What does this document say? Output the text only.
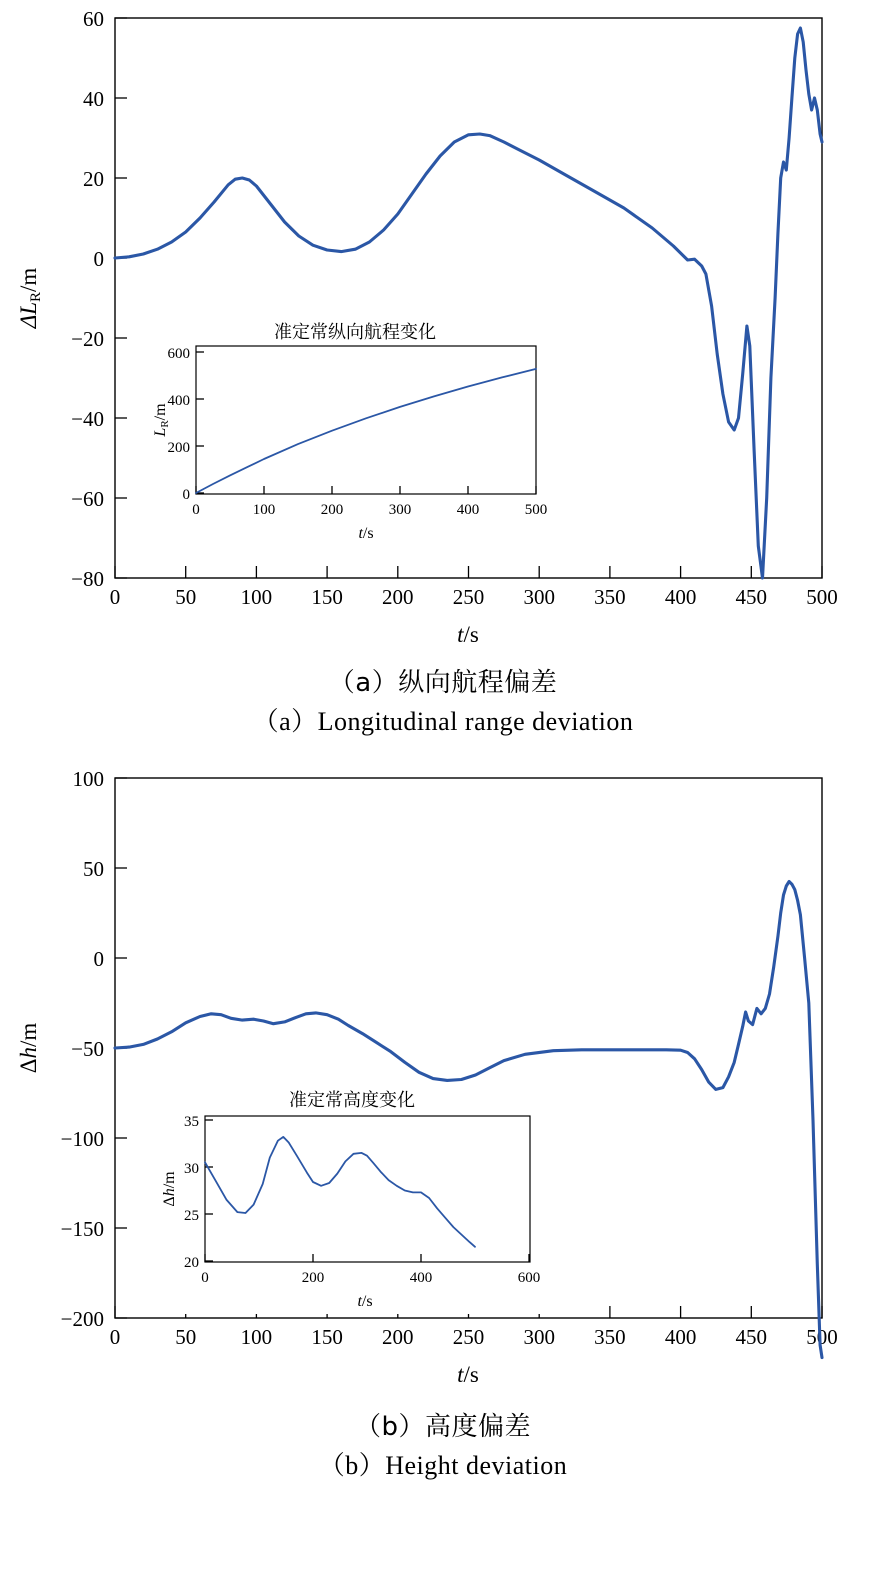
60
40
20
0
−20
−40
−60
−80
0	50 100 150 200 250 300 350 400 450 500
ΔLR/m
t/s
准定常纵向航程变化
600
400
200
0
0	100	200	300	400	500
LR/m
t/s
（a）纵向航程偏差
（a）Longitudinal range deviation
100
50
0
−50
−100
−150
−200
0	50 100 150 200 250 300 350 400 450 500
Δh/m
t/s
准定常高度变化
35
30
25
20
0	200	400	600
Δh/m
t/s
（b）高度偏差
（b）Height deviation
